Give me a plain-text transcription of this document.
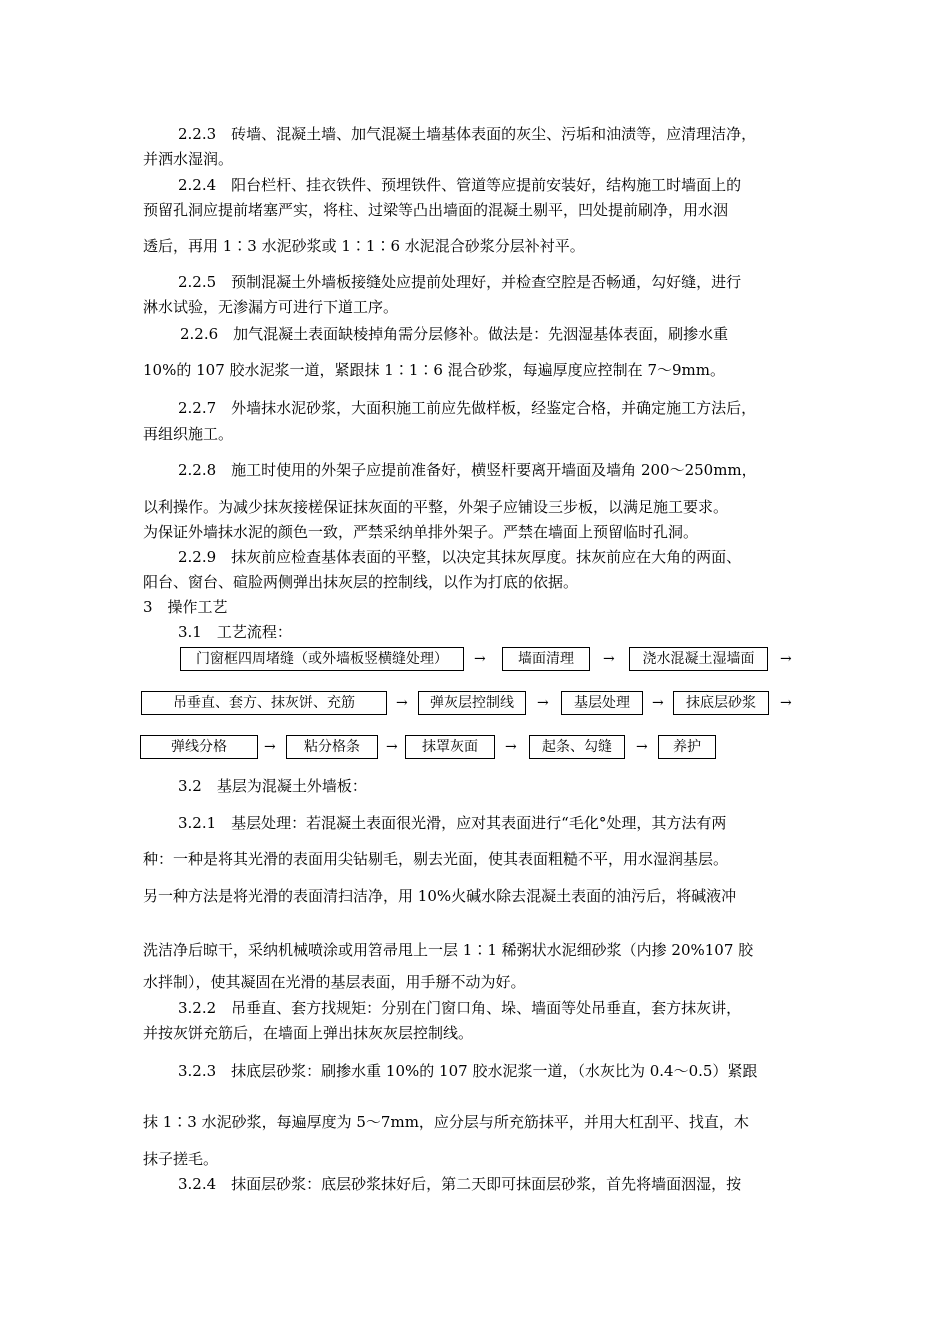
2.2.3　砖墙、混凝土墙、加气混凝土墙基体表面的灰尘、污垢和油渍等，应清理洁净，
并洒水湿润。
2.2.4　阳台栏杆、挂衣铁件、预埋铁件、管道等应提前安装好，结构施工时墙面上的
预留孔洞应提前堵塞严实，将柱、过梁等凸出墙面的混凝土剔平，凹处提前刷净，用水洇
透后，再用 1∶3 水泥砂浆或 1∶1∶6 水泥混合砂浆分层补衬平。
2.2.5　预制混凝土外墙板接缝处应提前处理好，并检查空腔是否畅通，勾好缝，进行
淋水试验，无渗漏方可进行下道工序。
2.2.6　加气混凝土表面缺棱掉角需分层修补。做法是：先洇湿基体表面，刷掺水重
10%的 107 胶水泥浆一道，紧跟抹 1∶1∶6 混合砂浆，每遍厚度应控制在 7～9mm。
2.2.7　外墙抹水泥砂浆，大面积施工前应先做样板，经鉴定合格，并确定施工方法后，
再组织施工。
2.2.8　施工时使用的外架子应提前准备好，横竖杆要离开墙面及墙角 200～250mm，
以利操作。为减少抹灰接槎保证抹灰面的平整，外架子应铺设三步板，以满足施工要求。
为保证外墙抹水泥的颜色一致，严禁采纳单排外架子。严禁在墙面上预留临时孔洞。
2.2.9　抹灰前应检查基体表面的平整，以决定其抹灰厚度。抹灰前应在大角的两面、
阳台、窗台、碹脸两侧弹出抹灰层的控制线，以作为打底的依据。
3　操作工艺
3.1　工艺流程：
门窗框四周堵缝（或外墙板竖横缝处理）	→	墙面清理	→	浇水混凝土湿墙面	→
吊垂直、套方、抹灰饼、充筋	→	弹灰层控制线	→	基层处理	→	抹底层砂浆	→
弹线分格	→	粘分格条	→	抹罩灰面	→	起条、勾缝	→	养护
3.2　基层为混凝土外墙板：
3.2.1　基层处理：若混凝土表面很光滑，应对其表面进行“毛化°处理，其方法有两
种：一种是将其光滑的表面用尖钻剔毛，剔去光面，使其表面粗糙不平，用水湿润基层。
另一种方法是将光滑的表面清扫洁净，用 10%火碱水除去混凝土表面的油污后，将碱液冲
洗洁净后晾干，采纳机械喷涂或用笤帚甩上一层 1∶1 稀粥状水泥细砂浆（内掺 20%107 胶
水拌制），使其凝固在光滑的基层表面，用手掰不动为好。
3.2.2　吊垂直、套方找规矩：分别在门窗口角、垛、墙面等处吊垂直，套方抹灰讲，
并按灰饼充筋后，在墙面上弹出抹灰灰层控制线。
3.2.3　抹底层砂浆：刷掺水重 10%的 107 胶水泥浆一道，（水灰比为 0.4～0.5）紧跟
抹 1∶3 水泥砂浆，每遍厚度为 5～7mm，应分层与所充筋抹平，并用大杠刮平、找直，木
抹子搓毛。
3.2.4　抹面层砂浆：底层砂浆抹好后，第二天即可抹面层砂浆，首先将墙面洇湿，按
